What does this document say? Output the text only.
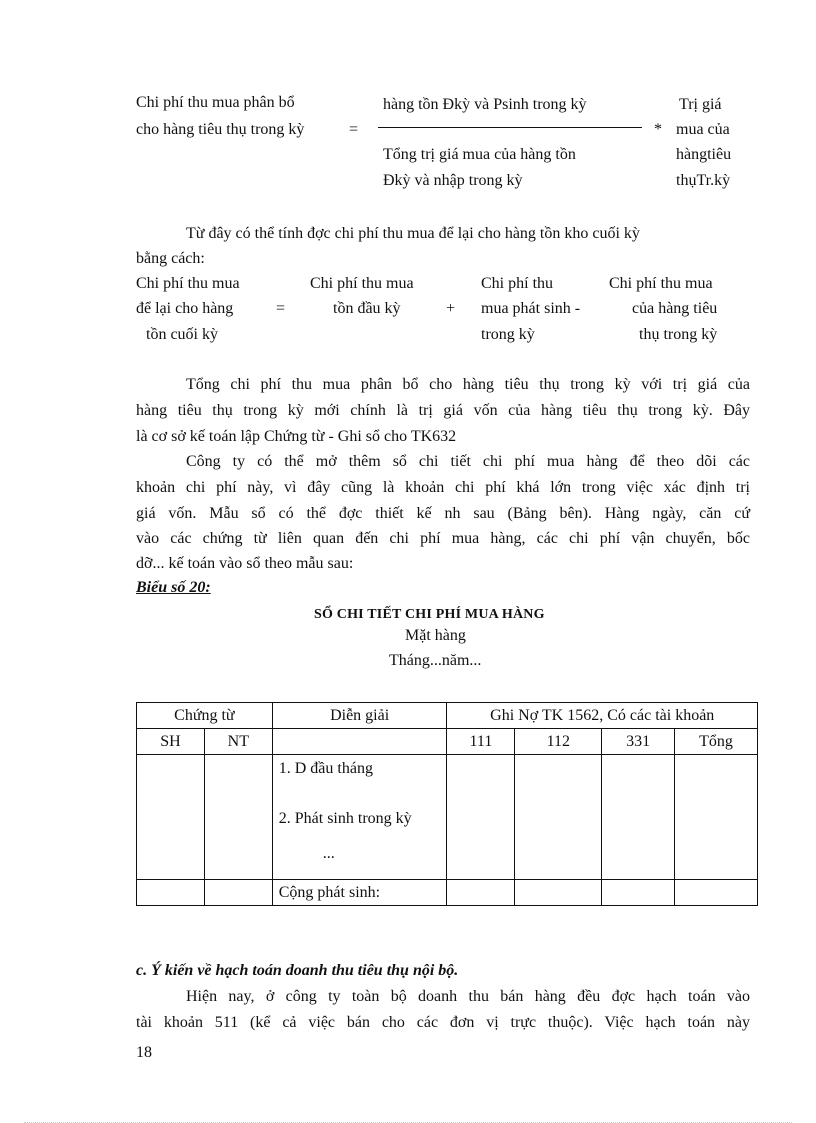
Chi phí thu mua phân bổ
cho hàng tiêu thụ trong kỳ	=
hàng tồn Đkỳ và Psinh trong kỳ
Tổng trị giá mua của hàng tồn
Đkỳ và nhập trong kỳ
*
Trị giá
mua của
hàngtiêu
thụTr.kỳ
Từ đây có thể tính đợc chi phí thu mua để lại cho hàng tồn kho cuối kỳ
bằng cách:
Chi phí thu mua
để lại cho hàng
tồn cuối kỳ
=
Chi phí thu mua
tồn đầu kỳ	+
Chi phí thu
mua phát sinh -
trong kỳ
Chi phí thu mua
của hàng tiêu
thụ trong kỳ
Tổng chi phí thu mua phân bổ cho hàng tiêu thụ trong kỳ với trị giá của
hàng tiêu thụ trong kỳ mới chính là trị giá vốn của hàng tiêu thụ trong kỳ. Đây
là cơ sở kế toán lập Chứng từ - Ghi sổ cho TK632
Công ty có thể mở thêm sổ chi tiết chi phí mua hàng để theo dõi các
khoản chi phí này, vì đây cũng là khoản chi phí khá lớn trong việc xác định trị
giá vốn. Mẫu sổ có thể đợc thiết kế nh sau (Bảng bên). Hàng ngày, căn cứ
vào các chứng từ liên quan đến chi phí mua hàng, các chi phí vận chuyển, bốc
dỡ... kế toán vào sổ theo mẫu sau:
Biểu số 20:
SỔ CHI TIẾT CHI PHÍ MUA HÀNG
Mặt hàng
Tháng...năm...
Chứng từ		Diễn giải	Ghi Nợ TK 1562, Có các tài khoản			
SH	NT		111	112	331	Tổng

		1. D đầu tháng
2. Phát sinh trong kỳ
...				

		Cộng phát sinh:				
c. Ý kiến về hạch toán doanh thu tiêu thụ nội bộ.
Hiện nay, ở công ty toàn bộ doanh thu bán hàng đều đợc hạch toán vào
tài khoản 511 (kể cả việc bán cho các đơn vị trực thuộc). Việc hạch toán này
18
